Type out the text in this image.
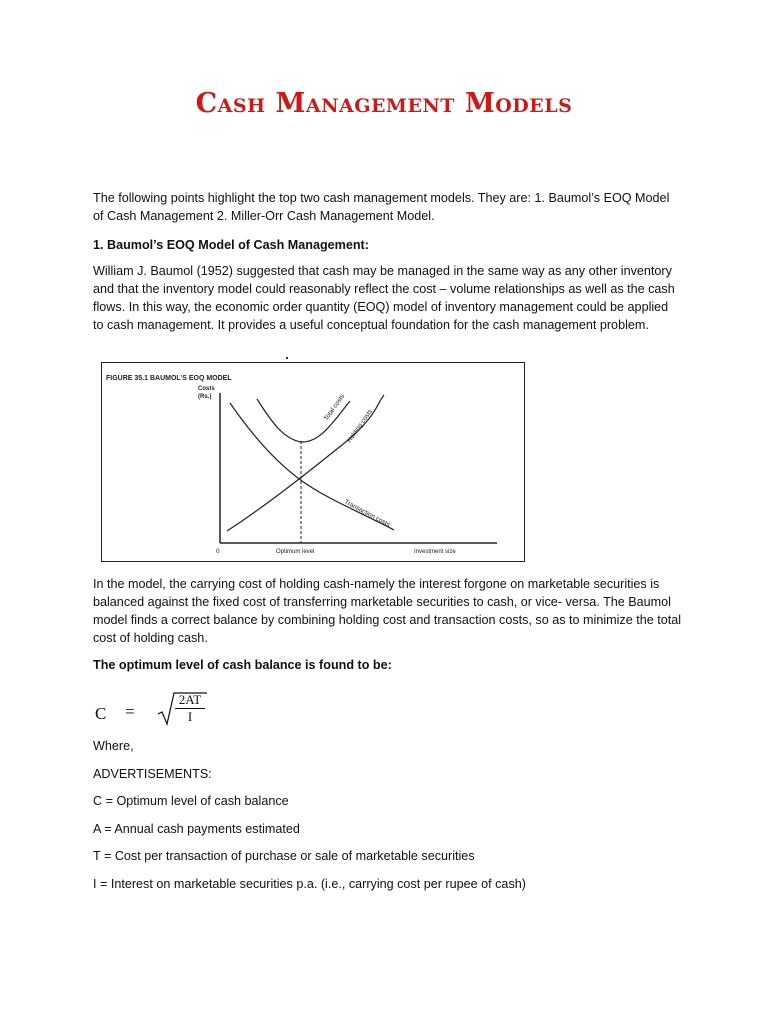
Cash Management Models

The following points highlight the top two cash management models. They are: 1. Baumol’s EOQ Model of Cash Management 2. Miller-Orr Cash Management Model.

1. Baumol’s EOQ Model of Cash Management:

William J. Baumol (1952) suggested that cash may be managed in the same way as any other inventory and that the inventory model could reasonably reflect the cost – volume relationships as well as the cash flows. In this way, the economic order quantity (EOQ) model of inventory management could be applied to cash management. It provides a useful conceptual foundation for the cash management problem.

FIGURE 35.1 BAUMOL’S EOQ MODEL
Costs
(Rs.)
0	Optimum level	Investment size
Total costs
Holding costs
Transaction costs

In the model, the carrying cost of holding cash-namely the interest forgone on marketable securities is balanced against the fixed cost of transferring marketable securities to cash, or vice- versa. The Baumol model finds a correct balance by combining holding cost and transaction costs, so as to minimize the total cost of holding cash.

The optimum level of cash balance is found to be:

C =
2AT
I

Where,

ADVERTISEMENTS:

C = Optimum level of cash balance

A = Annual cash payments estimated

T = Cost per transaction of purchase or sale of marketable securities

I = Interest on marketable securities p.a. (i.e., carrying cost per rupee of cash)
